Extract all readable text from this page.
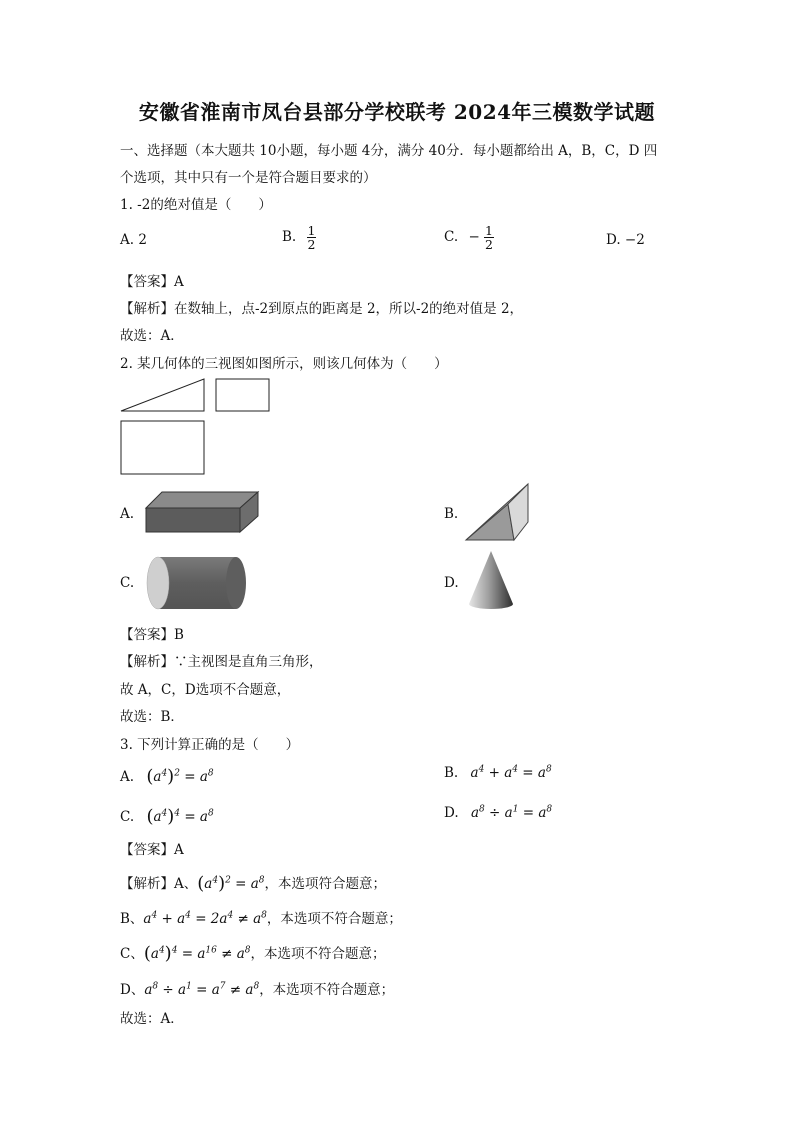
安徽省淮南市凤台县部分学校联考 2024年三模数学试题
一、选择题（本大题共 10小题，每小题 4分，满分 40分．每小题都给出 A，B，C，D 四
个选项，其中只有一个是符合题目要求的）
1. -2的绝对值是（　　）
A. 2	B. $\frac{1}{2}$	C. − $\frac{1}{2}$	D. −2
【答案】A
【解析】在数轴上，点-2到原点的距离是 2，所以-2的绝对值是 2，
故选：A．
2. 某几何体的三视图如图所示，则该几何体为（　　）
A.	B.
C.	D.
【答案】B
【解析】∵主视图是直角三角形，
故 A，C，D选项不合题意，
故选：B．
3. 下列计算正确的是（　　）
A. $(a^4)^2 = a^8$	B. $a^4 + a^4 = a^8$
C. $(a^4)^4 = a^8$	D. $a^8 \div a^1 = a^8$
【答案】A
【解析】A、$(a^4)^2 = a^8$，本选项符合题意；
B、$a^4 + a^4 = 2a^4 \ne a^8$，本选项不符合题意；
C、$(a^4)^4 = a^{16} \ne a^8$，本选项不符合题意；
D、$a^8 \div a^1 = a^7 \ne a^8$，本选项不符合题意；
故选：A．
